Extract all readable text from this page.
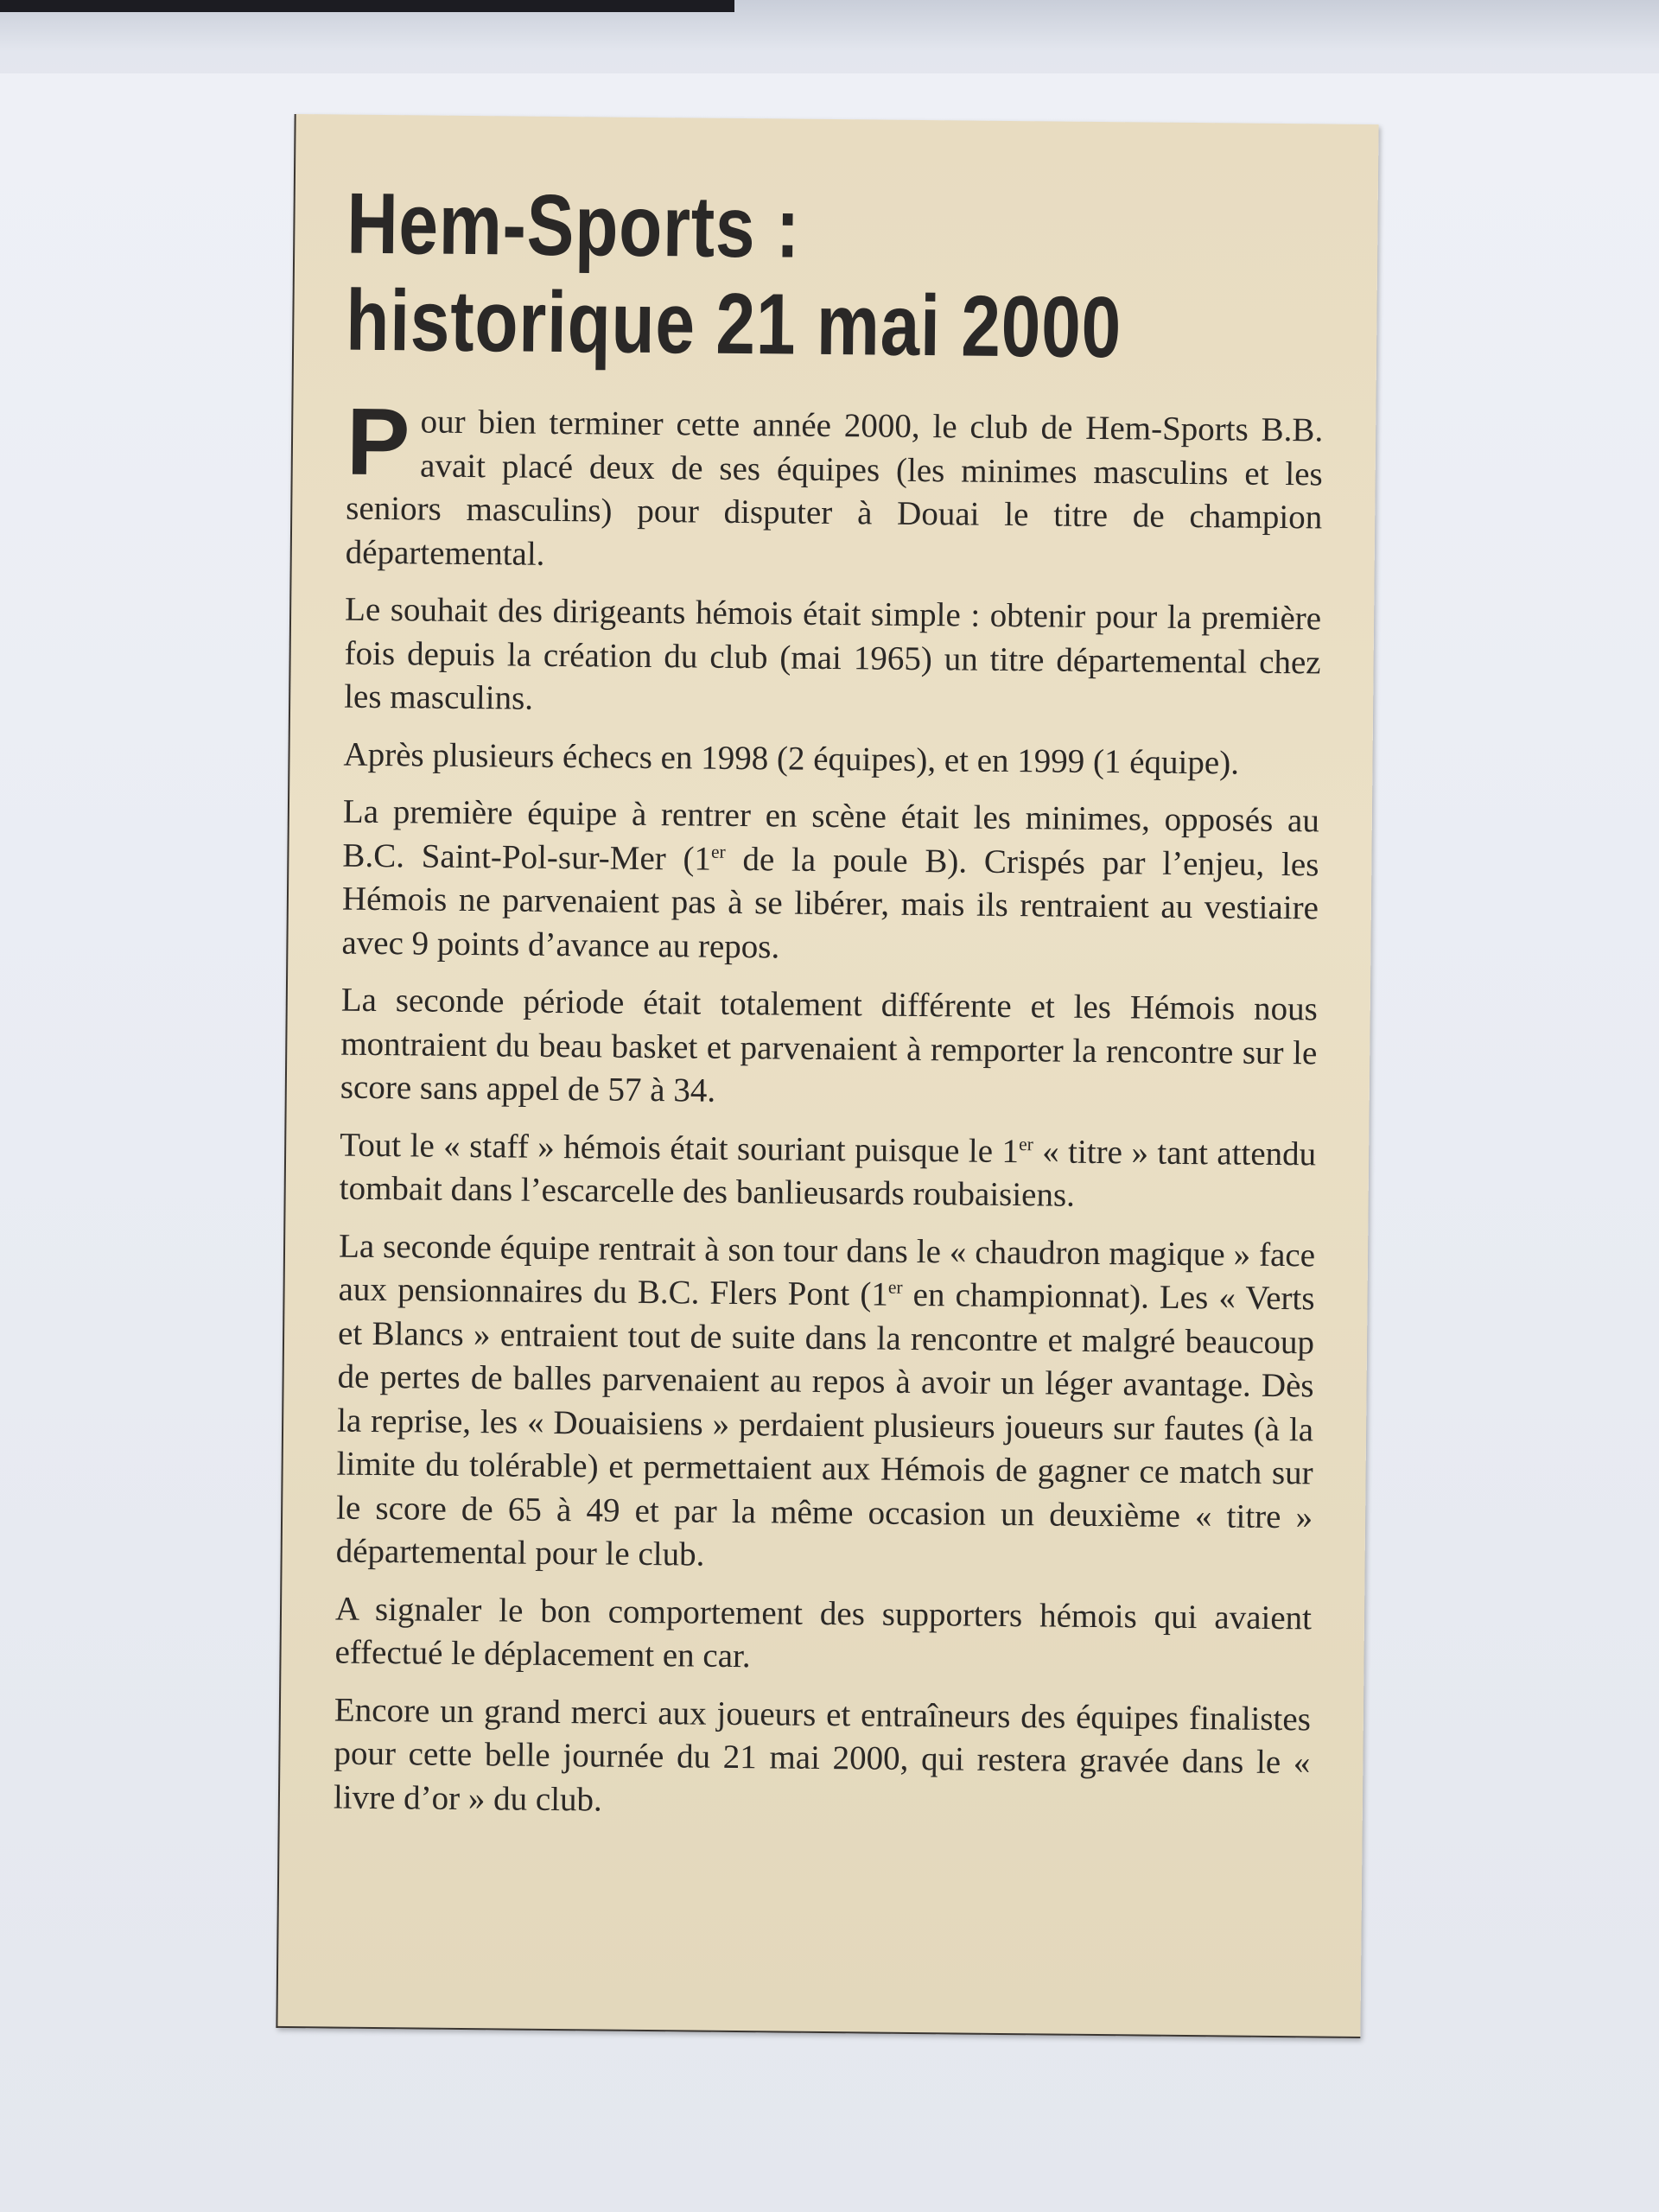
Hem-Sports :
historique 21 mai 2000

Pour bien terminer cette année 2000, le club de Hem-Sports B.B. avait placé deux de ses équipes (les minimes masculins et les seniors masculins) pour disputer à Douai le titre de champion départemental.

Le souhait des dirigeants hémois était simple : obtenir pour la première fois depuis la création du club (mai 1965) un titre départemental chez les masculins.

Après plusieurs échecs en 1998 (2 équipes), et en 1999 (1 équipe).

La première équipe à rentrer en scène était les minimes, opposés au B.C. Saint-Pol-sur-Mer (1er de la poule B). Crispés par l’enjeu, les Hémois ne parvenaient pas à se libérer, mais ils rentraient au vestiaire avec 9 points d’avance au repos.

La seconde période était totalement différente et les Hémois nous montraient du beau basket et parvenaient à remporter la rencontre sur le score sans appel de 57 à 34.

Tout le « staff » hémois était souriant puisque le 1er « titre » tant attendu tombait dans l’escarcelle des banlieusards roubaisiens.

La seconde équipe rentrait à son tour dans le « chaudron magique » face aux pensionnaires du B.C. Flers Pont (1er en championnat). Les « Verts et Blancs » entraient tout de suite dans la rencontre et malgré beaucoup de pertes de balles parvenaient au repos à avoir un léger avantage. Dès la reprise, les « Douaisiens » perdaient plusieurs joueurs sur fautes (à la limite du tolérable) et permettaient aux Hémois de gagner ce match sur le score de 65 à 49 et par la même occasion un deuxième « titre » départemental pour le club.

A signaler le bon comportement des supporters hémois qui avaient effectué le déplacement en car.

Encore un grand merci aux joueurs et entraîneurs des équipes finalistes pour cette belle journée du 21 mai 2000, qui restera gravée dans le « livre d’or » du club.
